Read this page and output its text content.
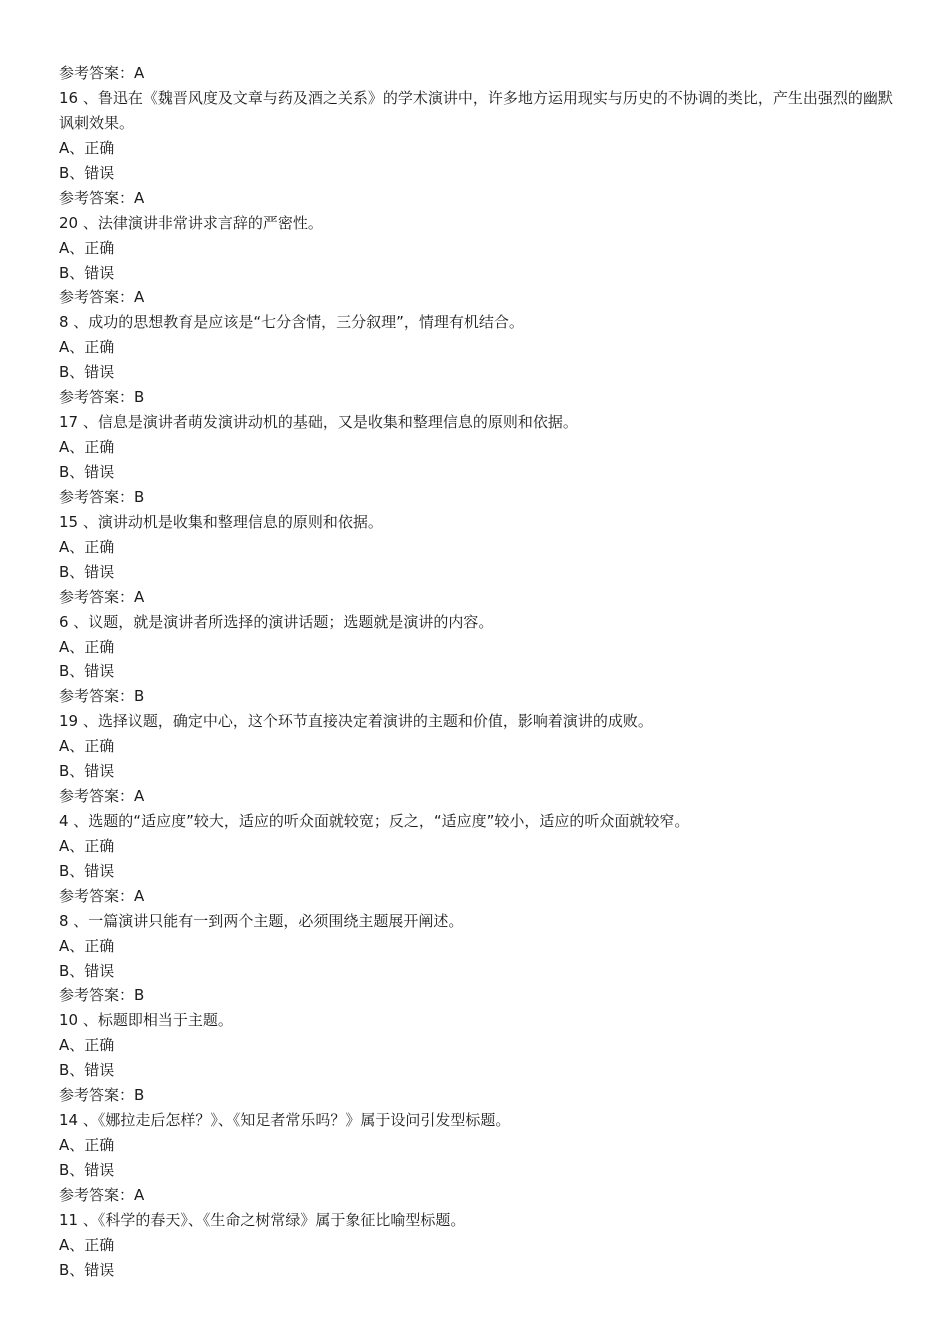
参考答案：A
16 、鲁迅在《魏晋风度及文章与药及酒之关系》的学术演讲中，许多地方运用现实与历史的不协调的类比，产生出强烈的幽默讽刺效果。
A、正确
B、错误
参考答案：A
20 、法律演讲非常讲求言辞的严密性。
A、正确
B、错误
参考答案：A
8 、成功的思想教育是应该是“七分含情，三分叙理”，情理有机结合。
A、正确
B、错误
参考答案：B
17 、信息是演讲者萌发演讲动机的基础，又是收集和整理信息的原则和依据。
A、正确
B、错误
参考答案：B
15 、演讲动机是收集和整理信息的原则和依据。
A、正确
B、错误
参考答案：A
6 、议题，就是演讲者所选择的演讲话题；选题就是演讲的内容。
A、正确
B、错误
参考答案：B
19 、选择议题，确定中心，这个环节直接决定着演讲的主题和价值，影响着演讲的成败。
A、正确
B、错误
参考答案：A
4 、选题的“适应度”较大，适应的听众面就较宽；反之，“适应度”较小，适应的听众面就较窄。
A、正确
B、错误
参考答案：A
8 、一篇演讲只能有一到两个主题，必须围绕主题展开阐述。
A、正确
B、错误
参考答案：B
10 、标题即相当于主题。
A、正确
B、错误
参考答案：B
14 、《娜拉走后怎样？》、《知足者常乐吗？》属于设问引发型标题。
A、正确
B、错误
参考答案：A
11 、《科学的春天》、《生命之树常绿》属于象征比喻型标题。
A、正确
B、错误
